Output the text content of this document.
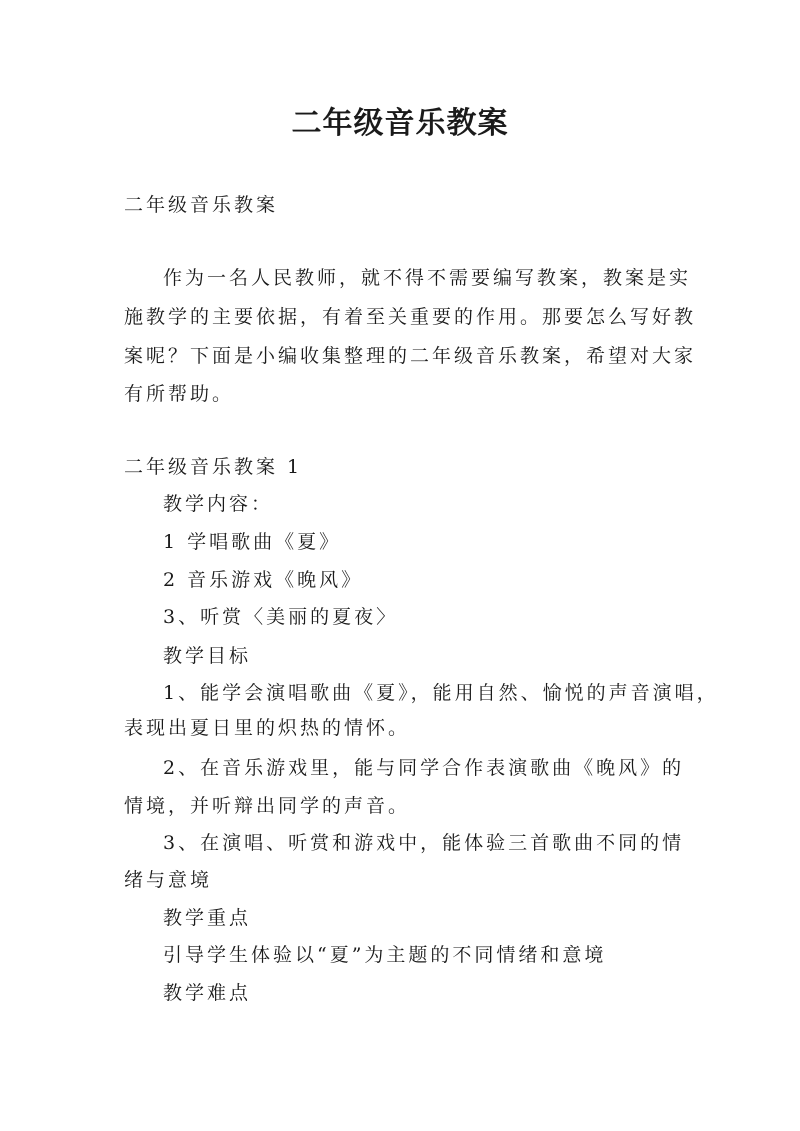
二年级音乐教案
二年级音乐教案
作为一名人民教师，就不得不需要编写教案，教案是实
施教学的主要依据，有着至关重要的作用。那要怎么写好教
案呢？下面是小编收集整理的二年级音乐教案，希望对大家
有所帮助。
二年级音乐教案 1
教学内容：
1 学唱歌曲《夏》
2 音乐游戏《晚风》
3、听赏〈美丽的夏夜〉
教学目标
1、能学会演唱歌曲《夏》，能用自然、愉悦的声音演唱，
表现出夏日里的炽热的情怀。
2、在音乐游戏里，能与同学合作表演歌曲《晚风》的
情境，并听辩出同学的声音。
3、在演唱、听赏和游戏中，能体验三首歌曲不同的情
绪与意境
教学重点
引导学生体验以“夏”为主题的不同情绪和意境
教学难点
